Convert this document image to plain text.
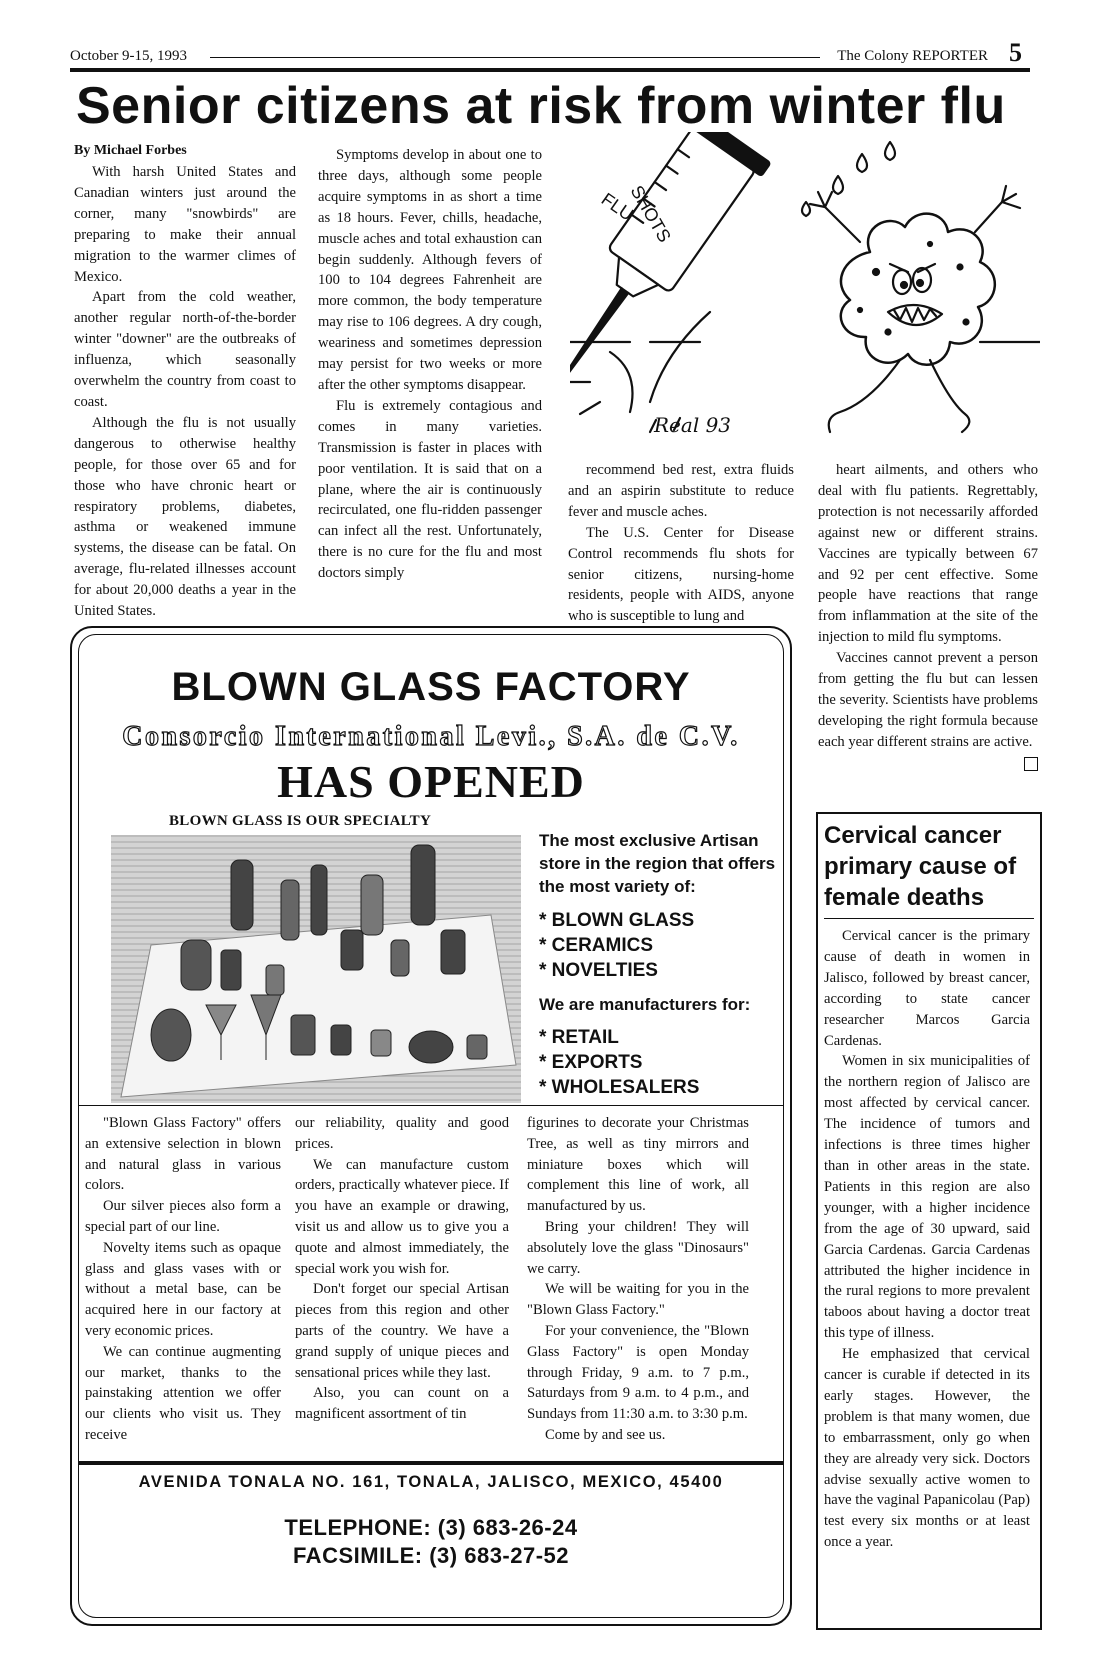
October 9-15, 1993	The Colony REPORTER 5
Senior citizens at risk from winter flu
By Michael Forbes

With harsh United States and Canadian winters just around the corner, many "snowbirds" are preparing to make their annual migration to the warmer climes of Mexico.

Apart from the cold weather, another regular north-of-the-border winter "downer" are the outbreaks of influenza, which seasonally overwhelm the country from coast to coast.

Although the flu is not usually dangerous to otherwise healthy people, for those over 65 and for those who have chronic heart or respiratory problems, diabetes, asthma or weakened immune systems, the disease can be fatal. On average, flu-related illnesses account for about 20,000 deaths a year in the United States.

Symptoms develop in about one to three days, although some people acquire symptoms in as short a time as 18 hours. Fever, chills, headache, muscle aches and total exhaustion can begin suddenly. Although fevers of 100 to 104 degrees Fahrenheit are more common, the body temperature may rise to 106 degrees. A dry cough, weariness and sometimes depression may persist for two weeks or more after the other symptoms disappear.

Flu is extremely contagious and comes in many varieties. Transmission is faster in places with poor ventilation. It is said that on a plane, where the air is continuously recirculated, one flu-ridden passenger can infect all the rest. Unfortunately, there is no cure for the flu and most doctors simply

recommend bed rest, extra fluids and an aspirin substitute to reduce fever and muscle aches.

The U.S. Center for Disease Control recommends flu shots for senior citizens, nursing-home residents, people with AIDS, anyone who is susceptible to lung and

heart ailments, and others who deal with flu patients. Regrettably, protection is not necessarily afforded against new or different strains. Vaccines are typically between 67 and 92 per cent effective. Some people have reactions that range from inflammation at the site of the injection to mild flu symptoms.

Vaccines cannot prevent a person from getting the flu but can lessen the severity. Scientists have problems developing the right formula because each year different strains are active.

FLU
SHOTS
Real 93
BLOWN GLASS FACTORY
Consorcio International Levi., S.A. de C.V.
HAS OPENED
BLOWN GLASS IS OUR SPECIALTY
The most exclusive Artisan store in the region that offers the most variety of:
* BLOWN GLASS
* CERAMICS
* NOVELTIES
We are manufacturers for:
* RETAIL
* EXPORTS
* WHOLESALERS

"Blown Glass Factory" offers an extensive selection in blown and natural glass in various colors.

Our silver pieces also form a special part of our line.

Novelty items such as opaque glass and glass vases with or without a metal base, can be acquired here in our factory at very economic prices.

We can continue augmenting our market, thanks to the painstaking attention we offer our clients who visit us. They receive

our reliability, quality and good prices.

We can manufacture custom orders, practically whatever piece. If you have an example or drawing, visit us and allow us to give you a quote and almost immediately, the special work you wish for.

Don't forget our special Artisan pieces from this region and other parts of the country. We have a grand supply of unique pieces and sensational prices while they last.

Also, you can count on a magnificent assortment of tin

figurines to decorate your Christmas Tree, as well as tiny mirrors and miniature boxes which will complement this line of work, all manufactured by us.

Bring your children! They will absolutely love the glass "Dinosaurs" we carry.

We will be waiting for you in the "Blown Glass Factory."

For your convenience, the "Blown Glass Factory" is open Monday through Friday, 9 a.m. to 7 p.m., Saturdays from 9 a.m. to 4 p.m., and Sundays from 11:30 a.m. to 3:30 p.m.

Come by and see us.

AVENIDA TONALA NO. 161, TONALA, JALISCO, MEXICO, 45400
TELEPHONE: (3) 683-26-24
FACSIMILE: (3) 683-27-52
Cervical cancer primary cause of female deaths

Cervical cancer is the primary cause of death in women in Jalisco, followed by breast cancer, according to state cancer researcher Marcos Garcia Cardenas.

Women in six municipalities of the northern region of Jalisco are most affected by cervical cancer. The incidence of tumors and infections is three times higher than in other areas in the state. Patients in this region are also younger, with a higher incidence from the age of 30 upward, said Garcia Cardenas. Garcia Cardenas attributed the higher incidence in the rural regions to more prevalent taboos about having a doctor treat this type of illness.

He emphasized that cervical cancer is curable if detected in its early stages. However, the problem is that many women, due to embarrassment, only go when they are already very sick. Doctors advise sexually active women to have the vaginal Papanicolau (Pap) test every six months or at least once a year.
